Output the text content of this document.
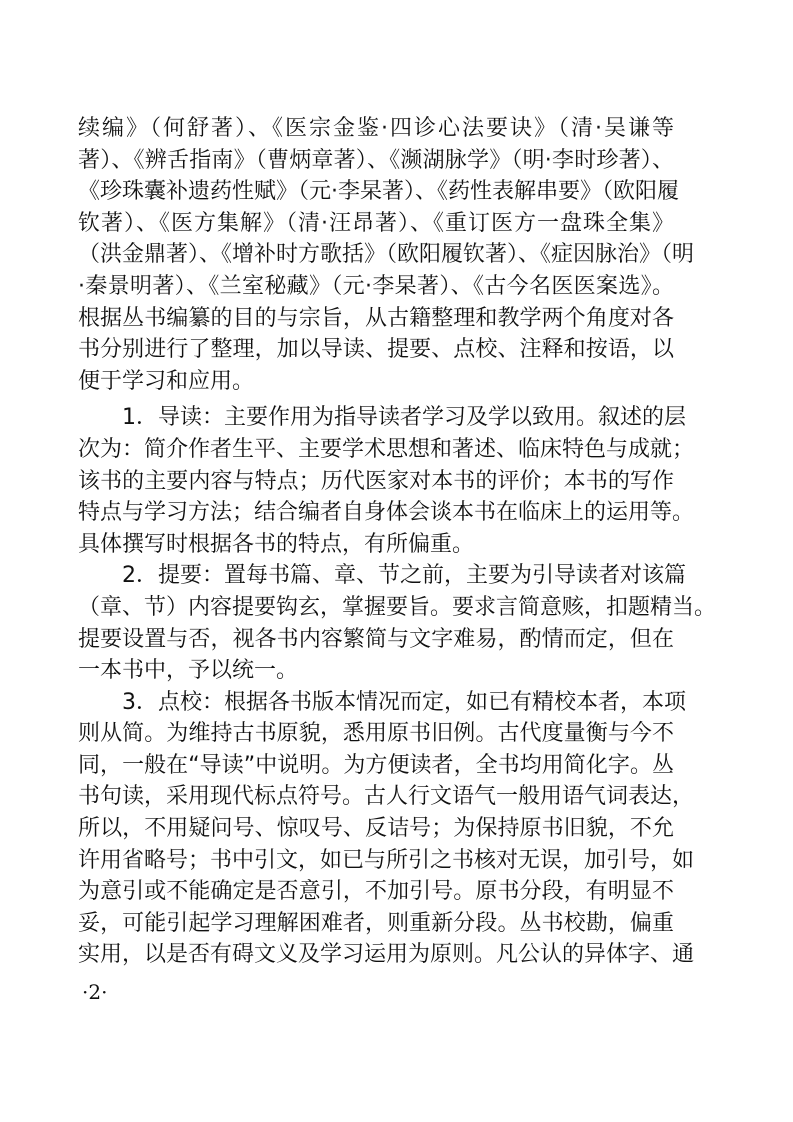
续编》（何舒著）、《医宗金鉴·四诊心法要诀》（清·吴谦等
著）、《辨舌指南》（曹炳章著）、《濒湖脉学》（明·李时珍著）、
《珍珠囊补遗药性赋》（元·李杲著）、《药性表解串要》（欧阳履
钦著）、《医方集解》（清·汪昂著）、《重订医方一盘珠全集》
（洪金鼎著）、《增补时方歌括》（欧阳履钦著）、《症因脉治》（明
·秦景明著）、《兰室秘藏》（元·李杲著）、《古今名医医案选》。
根据丛书编纂的目的与宗旨，从古籍整理和教学两个角度对各
书分别进行了整理，加以导读、提要、点校、注释和按语，以
便于学习和应用。
1．导读：主要作用为指导读者学习及学以致用。叙述的层
次为：简介作者生平、主要学术思想和著述、临床特色与成就；
该书的主要内容与特点；历代医家对本书的评价；本书的写作
特点与学习方法；结合编者自身体会谈本书在临床上的运用等。
具体撰写时根据各书的特点，有所偏重。
2．提要：置每书篇、章、节之前，主要为引导读者对该篇
（章、节）内容提要钩玄，掌握要旨。要求言简意赅，扣题精当。
提要设置与否，视各书内容繁简与文字难易，酌情而定，但在
一本书中，予以统一。
3．点校：根据各书版本情况而定，如已有精校本者，本项
则从简。为维持古书原貌，悉用原书旧例。古代度量衡与今不
同，一般在“导读”中说明。为方便读者，全书均用简化字。丛
书句读，采用现代标点符号。古人行文语气一般用语气词表达，
所以，不用疑问号、惊叹号、反诘号；为保持原书旧貌，不允
许用省略号；书中引文，如已与所引之书核对无误，加引号，如
为意引或不能确定是否意引，不加引号。原书分段，有明显不
妥，可能引起学习理解困难者，则重新分段。丛书校勘，偏重
实用，以是否有碍文义及学习运用为原则。凡公认的异体字、通
·2·
